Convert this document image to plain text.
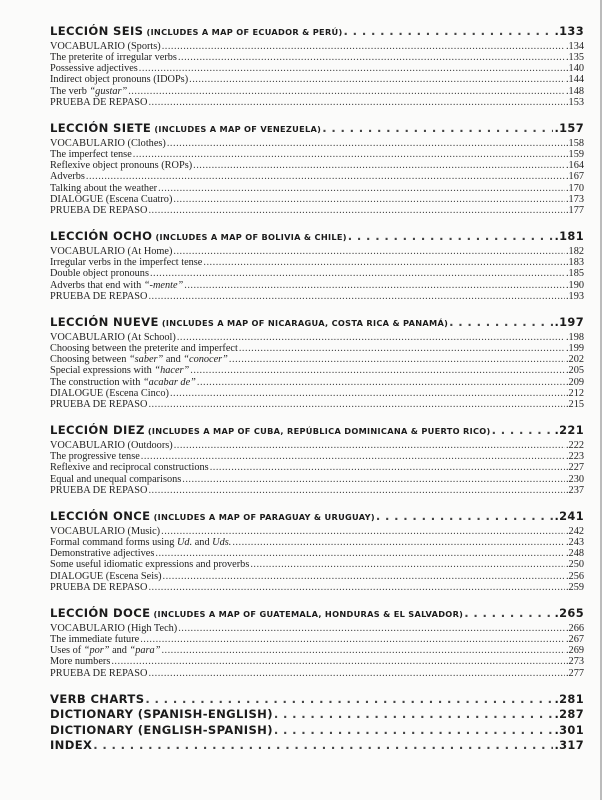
LECCIÓN SEIS (INCLUDES A MAP OF ECUADOR & PERÚ) . . .	.133
VOCABULARIO (Sports) .....	.134
The preterite of irregular verbs .....	.135
Possessive adjectives .....	.140
Indirect object pronouns (IDOPs) .....	.144
The verb “gustar” .....	.148
PRUEBA DE REPASO .....	.153
LECCIÓN SIETE (INCLUDES A MAP OF VENEZUELA) . . .	.157
VOCABULARIO (Clothes) .....	.158
The imperfect tense .....	.159
Reflexive object pronouns (ROPs) .....	.164
Adverbs .....	.167
Talking about the weather .....	.170
DIALOGUE (Escena Cuatro) .....	.173
PRUEBA DE REPASO .....	.177
LECCIÓN OCHO (INCLUDES A MAP OF BOLIVIA & CHILE) . . .	.181
VOCABULARIO (At Home) .....	.182
Irregular verbs in the imperfect tense .....	.183
Double object pronouns .....	.185
Adverbs that end with “-mente” .....	.190
PRUEBA DE REPASO .....	.193
LECCIÓN NUEVE (INCLUDES A MAP OF NICARAGUA, COSTA RICA & PANAMÁ) . . .	.197
VOCABULARIO (At School) .....	.198
Choosing between the preterite and imperfect .....	.199
Choosing between “saber” and “conocer” .....	.202
Special expressions with “hacer” .....	.205
The construction with “acabar de” .....	.209
DIALOGUE (Escena Cinco) .....	.212
PRUEBA DE REPASO .....	.215
LECCIÓN DIEZ (INCLUDES A MAP OF CUBA, REPÚBLICA DOMINICANA & PUERTO RICO) . . .	.221
VOCABULARIO (Outdoors) .....	.222
The progressive tense .....	.223
Reflexive and reciprocal constructions .....	.227
Equal and unequal comparisons .....	.230
PRUEBA DE REPASO .....	.237
LECCIÓN ONCE (INCLUDES A MAP OF PARAGUAY & URUGUAY) . . .	.241
VOCABULARIO (Music) .....	.242
Formal command forms using Ud. and Uds. .....	.243
Demonstrative adjectives .....	.248
Some useful idiomatic expressions and proverbs .....	.250
DIALOGUE (Escena Seis) .....	.256
PRUEBA DE REPASO .....	.259
LECCIÓN DOCE (INCLUDES A MAP OF GUATEMALA, HONDURAS & EL SALVADOR) . . .	.265
VOCABULARIO (High Tech) .....	.266
The immediate future .....	.267
Uses of “por” and “para” .....	.269
More numbers .....	.273
PRUEBA DE REPASO .....	.277
VERB CHARTS . . .	.281
DICTIONARY (SPANISH-ENGLISH) . . .	.287
DICTIONARY (ENGLISH-SPANISH) . . .	.301
INDEX . . .	.317
